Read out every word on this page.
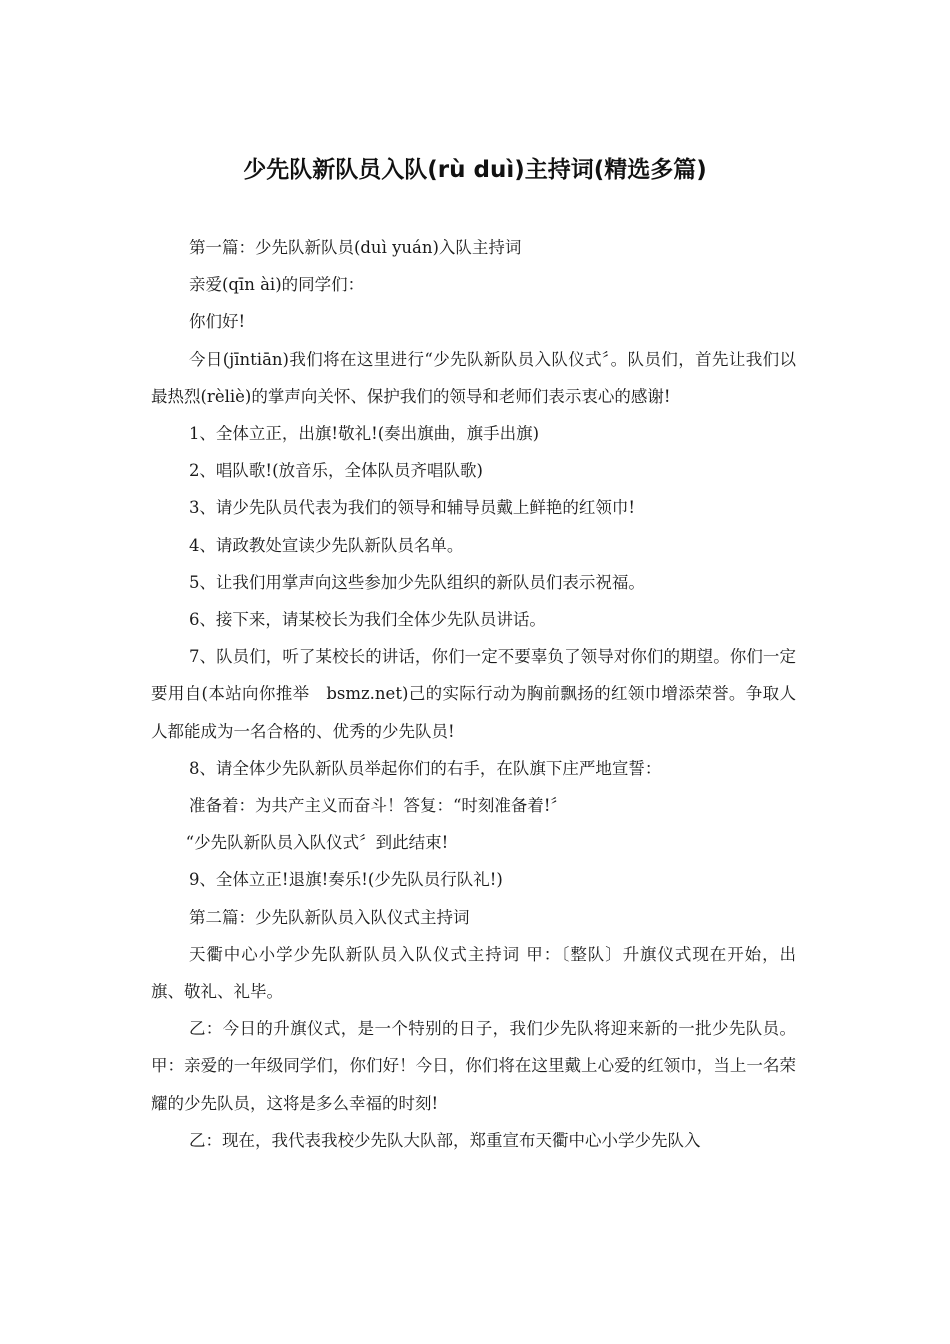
少先队新队员入队(rù duì)主持词(精选多篇)

第一篇：少先队新队员(duì yuán)入队主持词

亲爱(qīn ài)的同学们：

你们好!

今日(jīntiān)我们将在这里进行“少先队新队员入队仪式〞。队员们，首先让我们以最热烈(rèliè)的掌声向关怀、保护我们的领导和老师们表示衷心的感谢!

1、全体立正，出旗!敬礼!(奏出旗曲，旗手出旗)

2、唱队歌!(放音乐，全体队员齐唱队歌)

3、请少先队员代表为我们的领导和辅导员戴上鲜艳的红领巾!

4、请政教处宣读少先队新队员名单。

5、让我们用掌声向这些参加少先队组织的新队员们表示祝福。

6、接下来，请某校长为我们全体少先队员讲话。

7、队员们，听了某校长的讲话，你们一定不要辜负了领导对你们的期望。你们一定要用自(本站向你推举　bsmz.net)己的实际行动为胸前飘扬的红领巾增添荣誉。争取人人都能成为一名合格的、优秀的少先队员!

8、请全体少先队新队员举起你们的右手，在队旗下庄严地宣誓：

准备着：为共产主义而奋斗！答复：“时刻准备着!〞

“少先队新队员入队仪式〞到此结束!

9、全体立正!退旗!奏乐!(少先队员行队礼!)

第二篇：少先队新队员入队仪式主持词

天衢中心小学少先队新队员入队仪式主持词 甲：〔整队〕升旗仪式现在开始，出旗、敬礼、礼毕。

乙：今日的升旗仪式，是一个特别的日子，我们少先队将迎来新的一批少先队员。 甲：亲爱的一年级同学们，你们好！今日，你们将在这里戴上心爱的红领巾，当上一名荣耀的少先队员，这将是多么幸福的时刻!

乙：现在，我代表我校少先队大队部，郑重宣布天衢中心小学少先队入
